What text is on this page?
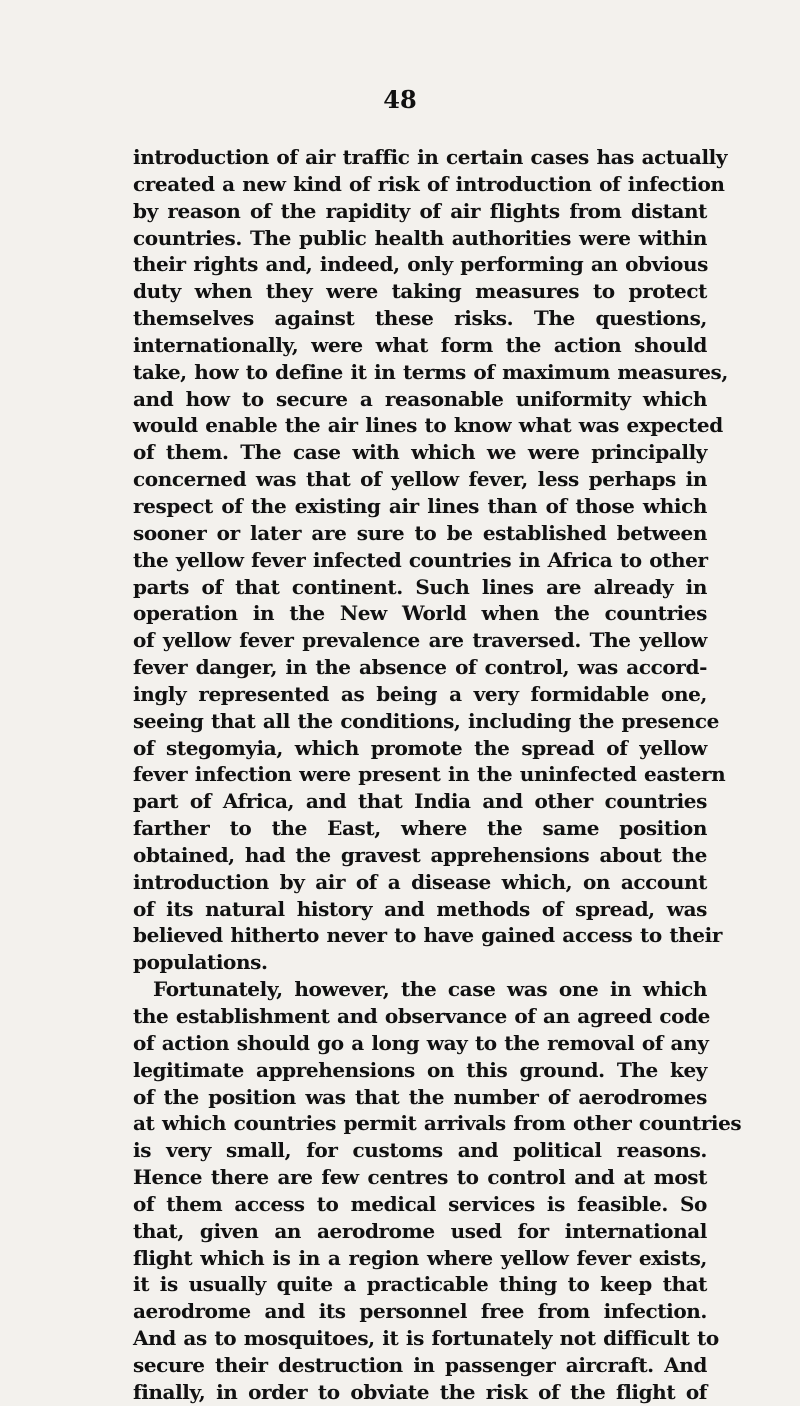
48
introduction of air traffic in certain cases has actually
created a new kind of risk of introduction of infection
by reason of the rapidity of air flights from distant
countries. The public health authorities were within
their rights and, indeed, only performing an obvious
duty when they were taking measures to protect
themselves against these risks. The questions,
internationally, were what form the action should
take, how to define it in terms of maximum measures,
and how to secure a reasonable uniformity which
would enable the air lines to know what was expected
of them. The case with which we were principally
concerned was that of yellow fever, less perhaps in
respect of the existing air lines than of those which
sooner or later are sure to be established between
the yellow fever infected countries in Africa to other
parts of that continent. Such lines are already in
operation in the New World when the countries
of yellow fever prevalence are traversed. The yellow
fever danger, in the absence of control, was accord-
ingly represented as being a very formidable one,
seeing that all the conditions, including the presence
of stegomyia, which promote the spread of yellow
fever infection were present in the uninfected eastern
part of Africa, and that India and other countries
farther to the East, where the same position
obtained, had the gravest apprehensions about the
introduction by air of a disease which, on account
of its natural history and methods of spread, was
believed hitherto never to have gained access to their
populations.
Fortunately, however, the case was one in which
the establishment and observance of an agreed code
of action should go a long way to the removal of any
legitimate apprehensions on this ground. The key
of the position was that the number of aerodromes
at which countries permit arrivals from other countries
is very small, for customs and political reasons.
Hence there are few centres to control and at most
of them access to medical services is feasible. So
that, given an aerodrome used for international
flight which is in a region where yellow fever exists,
it is usually quite a practicable thing to keep that
aerodrome and its personnel free from infection.
And as to mosquitoes, it is fortunately not difficult to
secure their destruction in passenger aircraft. And
finally, in order to obviate the risk of the flight of
